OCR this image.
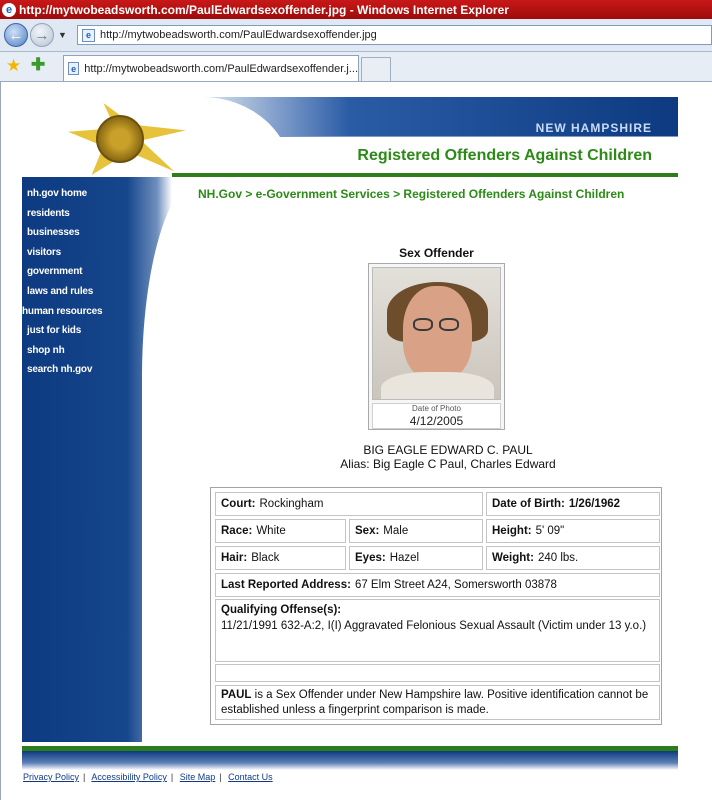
e http://mytwobeadsworth.com/PaulEdwardsexoffender.jpg - Windows Internet Explorer
← → ▼	e http://mytwobeadsworth.com/PaulEdwardsexoffender.jpg
★ ✚	e http://mytwobeadsworth.com/PaulEdwardsexoffender.j...
NEW HAMPSHIRE
Registered Offenders Against Children
nh.gov home
residents
businesses
visitors
government
laws and rules
human resources
just for kids
shop nh
search nh.gov
NH.Gov > e-Government Services > Registered Offenders Against Children
Sex Offender
Date of Photo
4/12/2005
BIG EAGLE EDWARD C. PAUL
Alias: Big Eagle C Paul, Charles Edward
Court: Rockingham	Date of Birth: 1/26/1962
Race: White	Sex: Male	Height: 5' 09"
Hair: Black	Eyes: Hazel	Weight: 240 lbs.
Last Reported Address: 67 Elm Street A24, Somersworth 03878
Qualifying Offense(s):
11/21/1991 632-A:2, I(I) Aggravated Felonious Sexual Assault (Victim under 13 y.o.)
PAUL is a Sex Offender under New Hampshire law. Positive identification cannot be established unless a fingerprint comparison is made.
Privacy Policy | Accessibility Policy | Site Map | Contact Us
